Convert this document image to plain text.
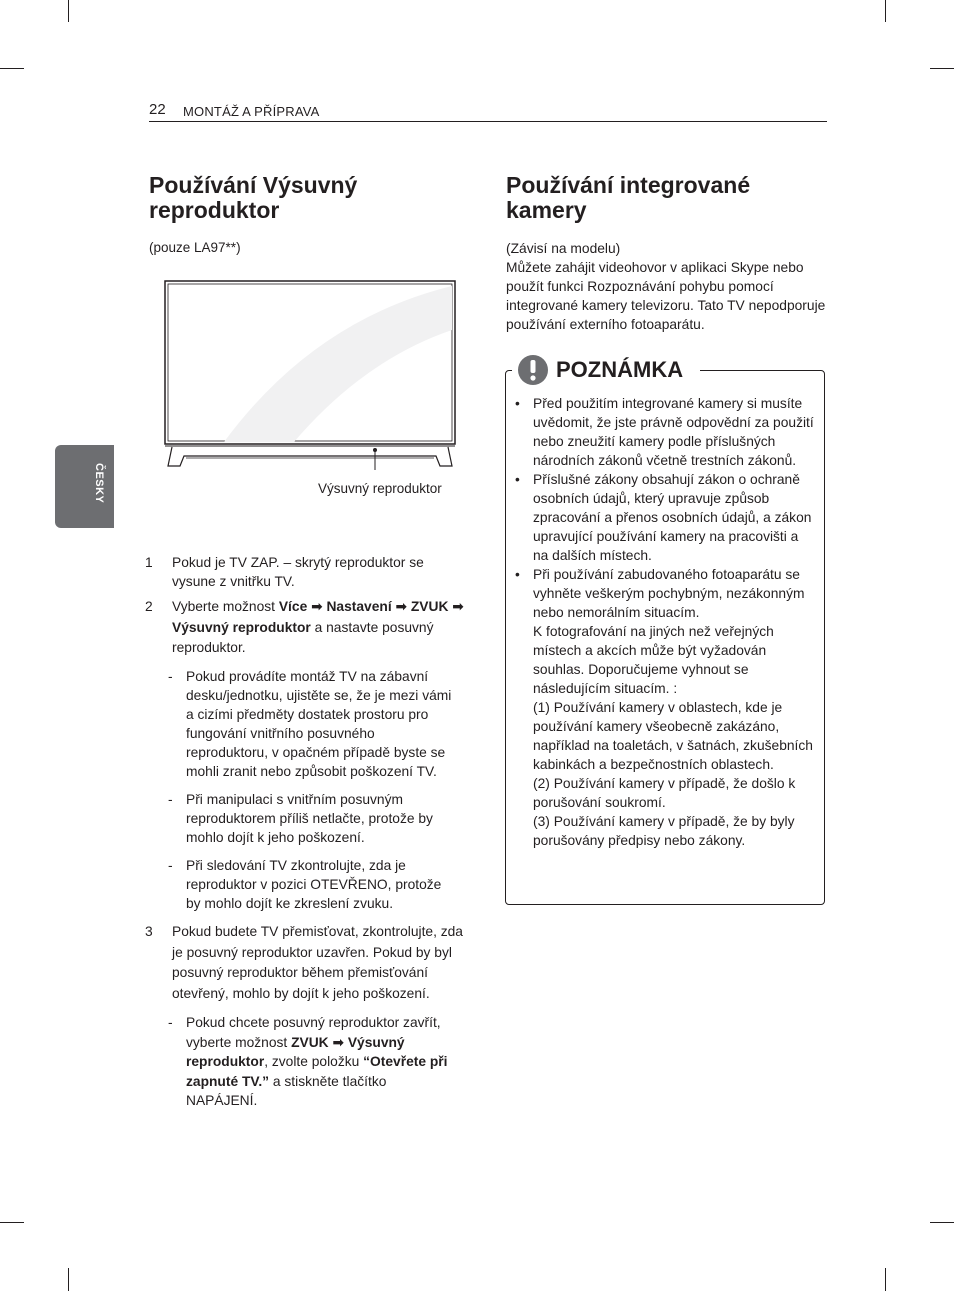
22 MONTÁŽ A PŘÍPRAVA
ČESKY
Používání Výsuvný reproduktor
(pouze LA97**)
Výsuvný reproduktor
1 Pokud je TV ZAP. – skrytý reproduktor se vysune z vnitřku TV.
2 Vyberte možnost Více ➡ Nastavení ➡ ZVUK ➡ Výsuvný reproduktor a nastavte posuvný reproduktor.
- Pokud provádíte montáž TV na zábavní desku/jednotku, ujistěte se, že je mezi vámi a cizími předměty dostatek prostoru pro fungování vnitřního posuvného reproduktoru, v opačném případě byste se mohli zranit nebo způsobit poškození TV.
- Při manipulaci s vnitřním posuvným reproduktorem příliš netlačte, protože by mohlo dojít k jeho poškození.
- Při sledování TV zkontrolujte, zda je reproduktor v pozici OTEVŘENO, protože by mohlo dojít ke zkreslení zvuku.
3 Pokud budete TV přemisťovat, zkontrolujte, zda je posuvný reproduktor uzavřen. Pokud by byl posuvný reproduktor během přemisťování otevřený, mohlo by dojít k jeho poškození.
- Pokud chcete posuvný reproduktor zavřít, vyberte možnost ZVUK ➡ Výsuvný reproduktor, zvolte položku “Otevřete při zapnuté TV.” a stiskněte tlačítko NAPÁJENÍ.
Používání integrované kamery
(Závisí na modelu)
Můžete zahájit videohovor v aplikaci Skype nebo použít funkci Rozpoznávání pohybu pomocí integrované kamery televizoru. Tato TV nepodporuje používání externího fotoaparátu.
POZNÁMKA
• Před použitím integrované kamery si musíte uvědomit, že jste právně odpovědní za použití nebo zneužití kamery podle příslušných národních zákonů včetně trestních zákonů.
• Příslušné zákony obsahují zákon o ochraně osobních údajů, který upravuje způsob zpracování a přenos osobních údajů, a zákon upravující používání kamery na pracovišti a na dalších místech.
• Při používání zabudovaného fotoaparátu se vyhněte veškerým pochybným, nezákonným nebo nemorálním situacím.
K fotografování na jiných než veřejných místech a akcích může být vyžadován souhlas. Doporučujeme vyhnout se následujícím situacím. :
(1) Používání kamery v oblastech, kde je používání kamery všeobecně zakázáno, například na toaletách, v šatnách, zkušebních kabinkách a bezpečnostních oblastech.
(2) Používání kamery v případě, že došlo k porušování soukromí.
(3) Používání kamery v případě, že by byly porušovány předpisy nebo zákony.
